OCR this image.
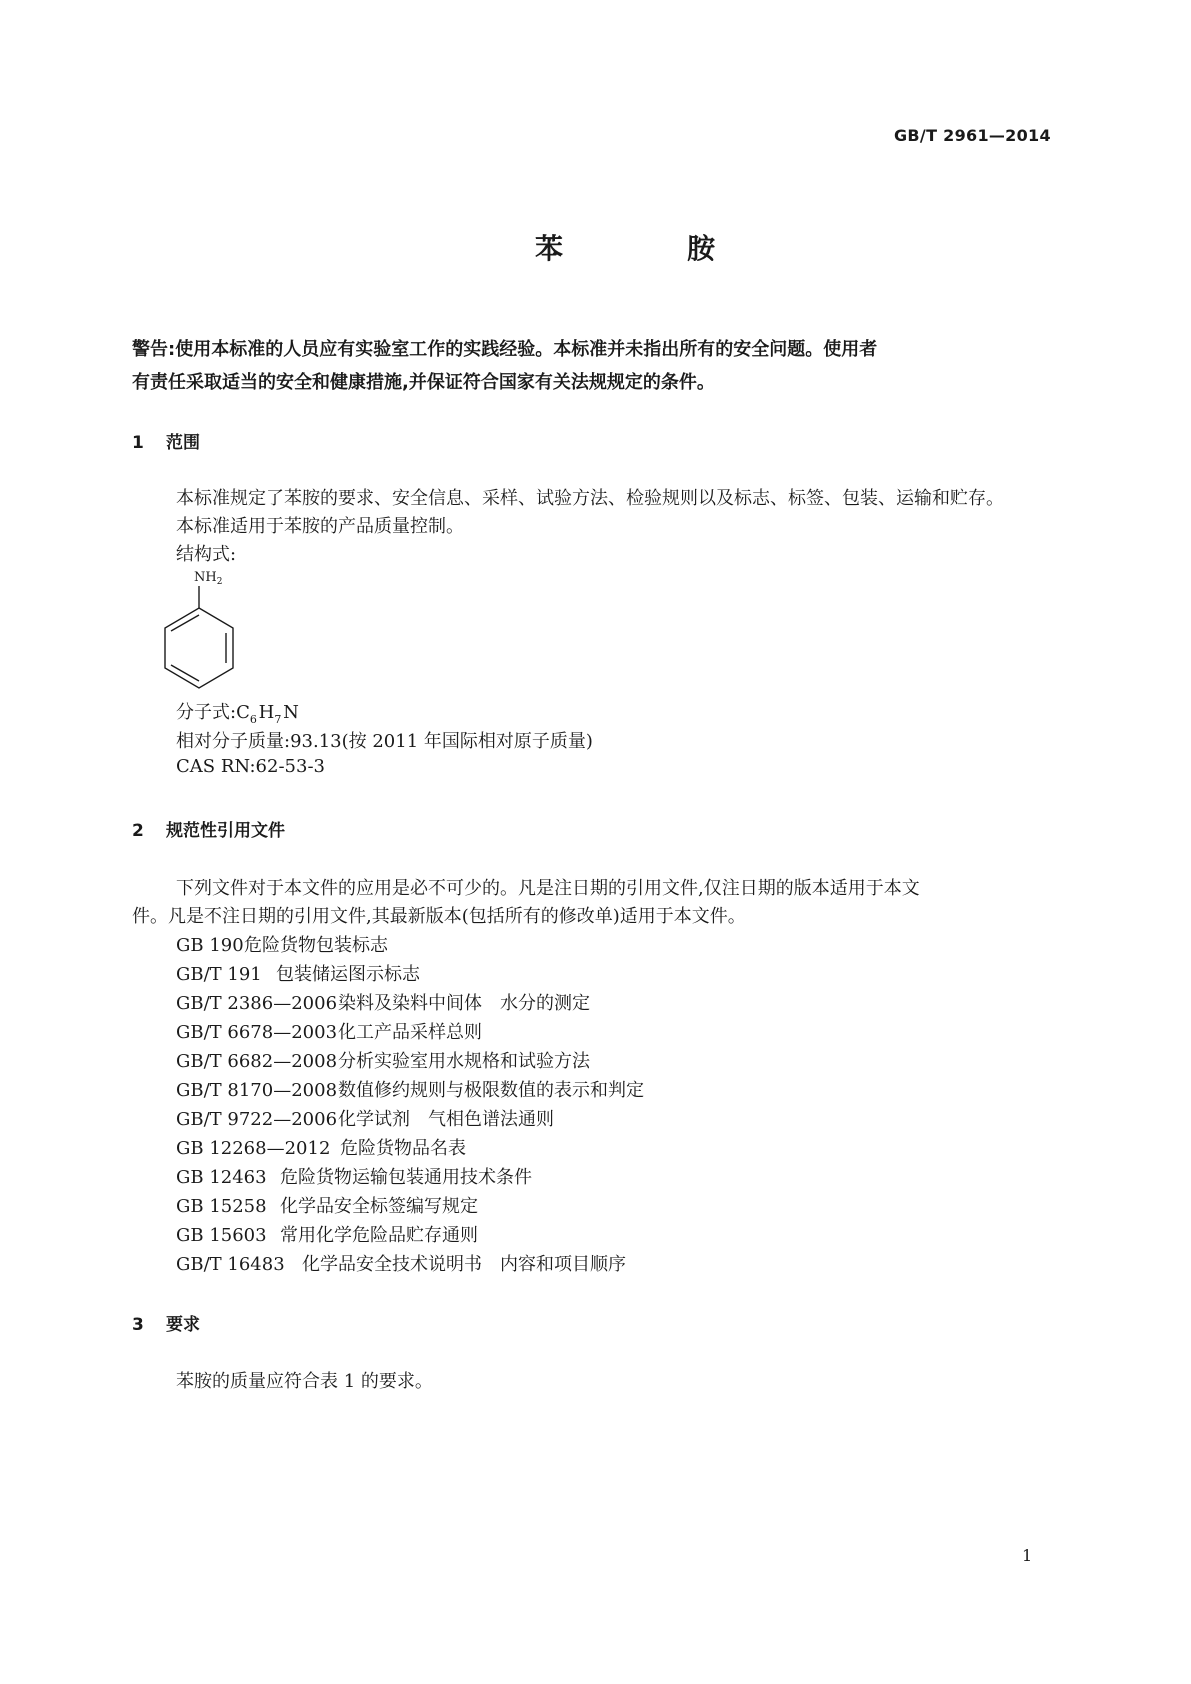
GB/T 2961—2014
苯　胺
警告:使用本标准的人员应有实验室工作的实践经验。本标准并未指出所有的安全问题。使用者
有责任采取适当的安全和健康措施,并保证符合国家有关法规规定的条件。
1 范围
本标准规定了苯胺的要求、安全信息、采样、试验方法、检验规则以及标志、标签、包装、运输和贮存。
本标准适用于苯胺的产品质量控制。
结构式:
$NH_2$
分子式$:C_6$ $H_7$ N
相对分子质量:93.13(按 2011 年国际相对原子质量)
CAS RN:62-53-3
2 规范性引用文件
下列文件对于本文件的应用是必不可少的。凡是注日期的引用文件,仅注日期的版本适用于本文
件。凡是不注日期的引用文件,其最新版本(包括所有的修改单)适用于本文件。
GB 190危险货物包装标志
GB/T 191 包装储运图示标志
GB/T 2386—2006染料及染料中间体　水分的测定
GB/T 6678—2003化工产品采样总则
GB/T 6682—2008分析实验室用水规格和试验方法
GB/T 8170—2008数值修约规则与极限数值的表示和判定
GB/T 9722—2006化学试剂　气相色谱法通则
GB 12268—2012 危险货物品名表
GB 12463 危险货物运输包装通用技术条件
GB 15258 化学品安全标签编写规定
GB 15603 常用化学危险品贮存通则
GB/T 16483 化学品安全技术说明书　内容和项目顺序
3 要求
苯胺的质量应符合表 1 的要求。
1
